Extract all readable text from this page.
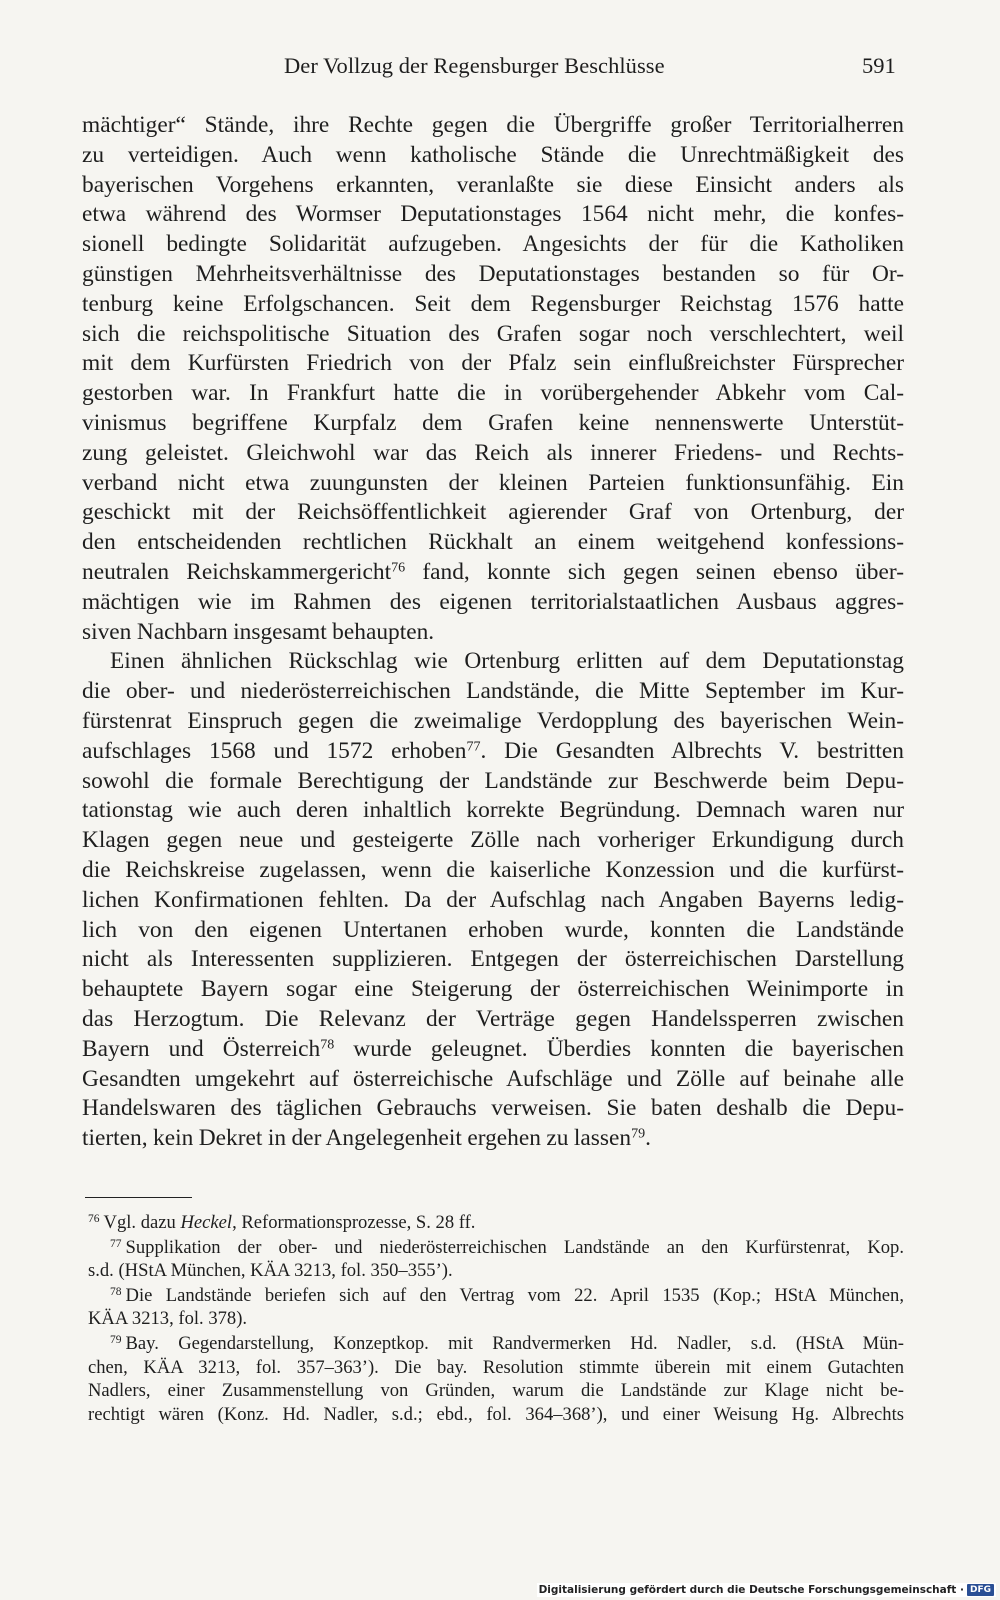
Der Vollzug der Regensburger Beschlüsse	591
mächtiger“ Stände, ihre Rechte gegen die Übergriffe großer Territorialherren
zu verteidigen. Auch wenn katholische Stände die Unrechtmäßigkeit des
bayerischen Vorgehens erkannten, veranlaßte sie diese Einsicht anders als
etwa während des Wormser Deputationstages 1564 nicht mehr, die konfes-
sionell bedingte Solidarität aufzugeben. Angesichts der für die Katholiken
günstigen Mehrheitsverhältnisse des Deputationstages bestanden so für Or-
tenburg keine Erfolgschancen. Seit dem Regensburger Reichstag 1576 hatte
sich die reichspolitische Situation des Grafen sogar noch verschlechtert, weil
mit dem Kurfürsten Friedrich von der Pfalz sein einflußreichster Fürsprecher
gestorben war. In Frankfurt hatte die in vorübergehender Abkehr vom Cal-
vinismus begriffene Kurpfalz dem Grafen keine nennenswerte Unterstüt-
zung geleistet. Gleichwohl war das Reich als innerer Friedens- und Rechts-
verband nicht etwa zuungunsten der kleinen Parteien funktionsunfähig. Ein
geschickt mit der Reichsöffentlichkeit agierender Graf von Ortenburg, der
den entscheidenden rechtlichen Rückhalt an einem weitgehend konfessions-
neutralen Reichskammergericht$^{76}$ fand, konnte sich gegen seinen ebenso über-
mächtigen wie im Rahmen des eigenen territorialstaatlichen Ausbaus aggres-
siven Nachbarn insgesamt behaupten.
Einen ähnlichen Rückschlag wie Ortenburg erlitten auf dem Deputationstag
die ober- und niederösterreichischen Landstände, die Mitte September im Kur-
fürstenrat Einspruch gegen die zweimalige Verdopplung des bayerischen Wein-
aufschlages 1568 und 1572 erhoben$^{77}$. Die Gesandten Albrechts V. bestritten
sowohl die formale Berechtigung der Landstände zur Beschwerde beim Depu-
tationstag wie auch deren inhaltlich korrekte Begründung. Demnach waren nur
Klagen gegen neue und gesteigerte Zölle nach vorheriger Erkundigung durch
die Reichskreise zugelassen, wenn die kaiserliche Konzession und die kurfürst-
lichen Konfirmationen fehlten. Da der Aufschlag nach Angaben Bayerns ledig-
lich von den eigenen Untertanen erhoben wurde, konnten die Landstände
nicht als Interessenten supplizieren. Entgegen der österreichischen Darstellung
behauptete Bayern sogar eine Steigerung der österreichischen Weinimporte in
das Herzogtum. Die Relevanz der Verträge gegen Handelssperren zwischen
Bayern und Österreich$^{78}$ wurde geleugnet. Überdies konnten die bayerischen
Gesandten umgekehrt auf österreichische Aufschläge und Zölle auf beinahe alle
Handelswaren des täglichen Gebrauchs verweisen. Sie baten deshalb die Depu-
tierten, kein Dekret in der Angelegenheit ergehen zu lassen$^{79}$.
$^{76}$ Vgl. dazu Heckel, Reformationsprozesse, S. 28 ff.
$^{77}$ Supplikation der ober- und niederösterreichischen Landstände an den Kurfürstenrat, Kop.
s.d. (HStA München, KÄA 3213, fol. 350–355’).
$^{78}$ Die Landstände beriefen sich auf den Vertrag vom 22. April 1535 (Kop.; HStA München,
KÄA 3213, fol. 378).
$^{79}$ Bay. Gegendarstellung, Konzeptkop. mit Randvermerken Hd. Nadler, s.d. (HStA Mün-
chen, KÄA 3213, fol. 357–363’). Die bay. Resolution stimmte überein mit einem Gutachten
Nadlers, einer Zusammenstellung von Gründen, warum die Landstände zur Klage nicht be-
rechtigt wären (Konz. Hd. Nadler, s.d.; ebd., fol. 364–368’), und einer Weisung Hg. Albrechts
Digitalisierung gefördert durch die Deutsche Forschungsgemeinschaft · DFG
